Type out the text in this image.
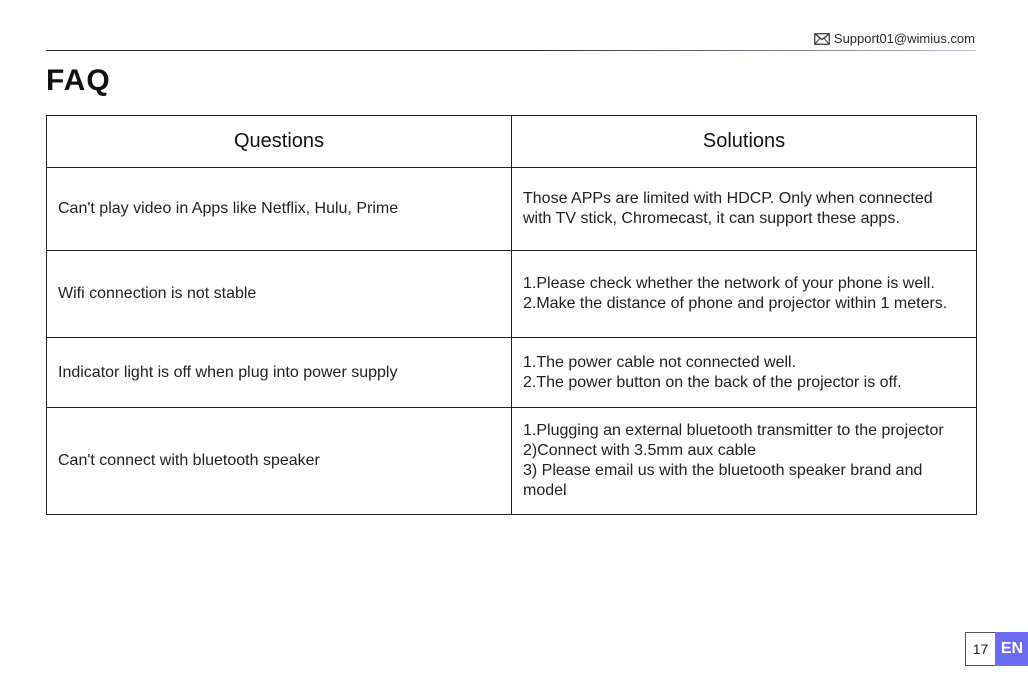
Support01@wimius.com
FAQ
Questions	Solutions
Can't play video in Apps like Netflix, Hulu, Prime	Those APPs are limited with HDCP. Only when connected with TV stick, Chromecast, it can support these apps.

Wifi connection is not stable	1.Please check whether the network of your phone is well.
2.Make the distance of phone and projector within 1 meters.

Indicator light is off when plug into power supply	1.The power cable not connected well.
2.The power button on the back of the projector is off.

Can't connect with bluetooth speaker	1.Plugging an external bluetooth transmitter to the projector
2)Connect with 3.5mm aux cable
3) Please email us with the bluetooth speaker brand and model
17 EN
